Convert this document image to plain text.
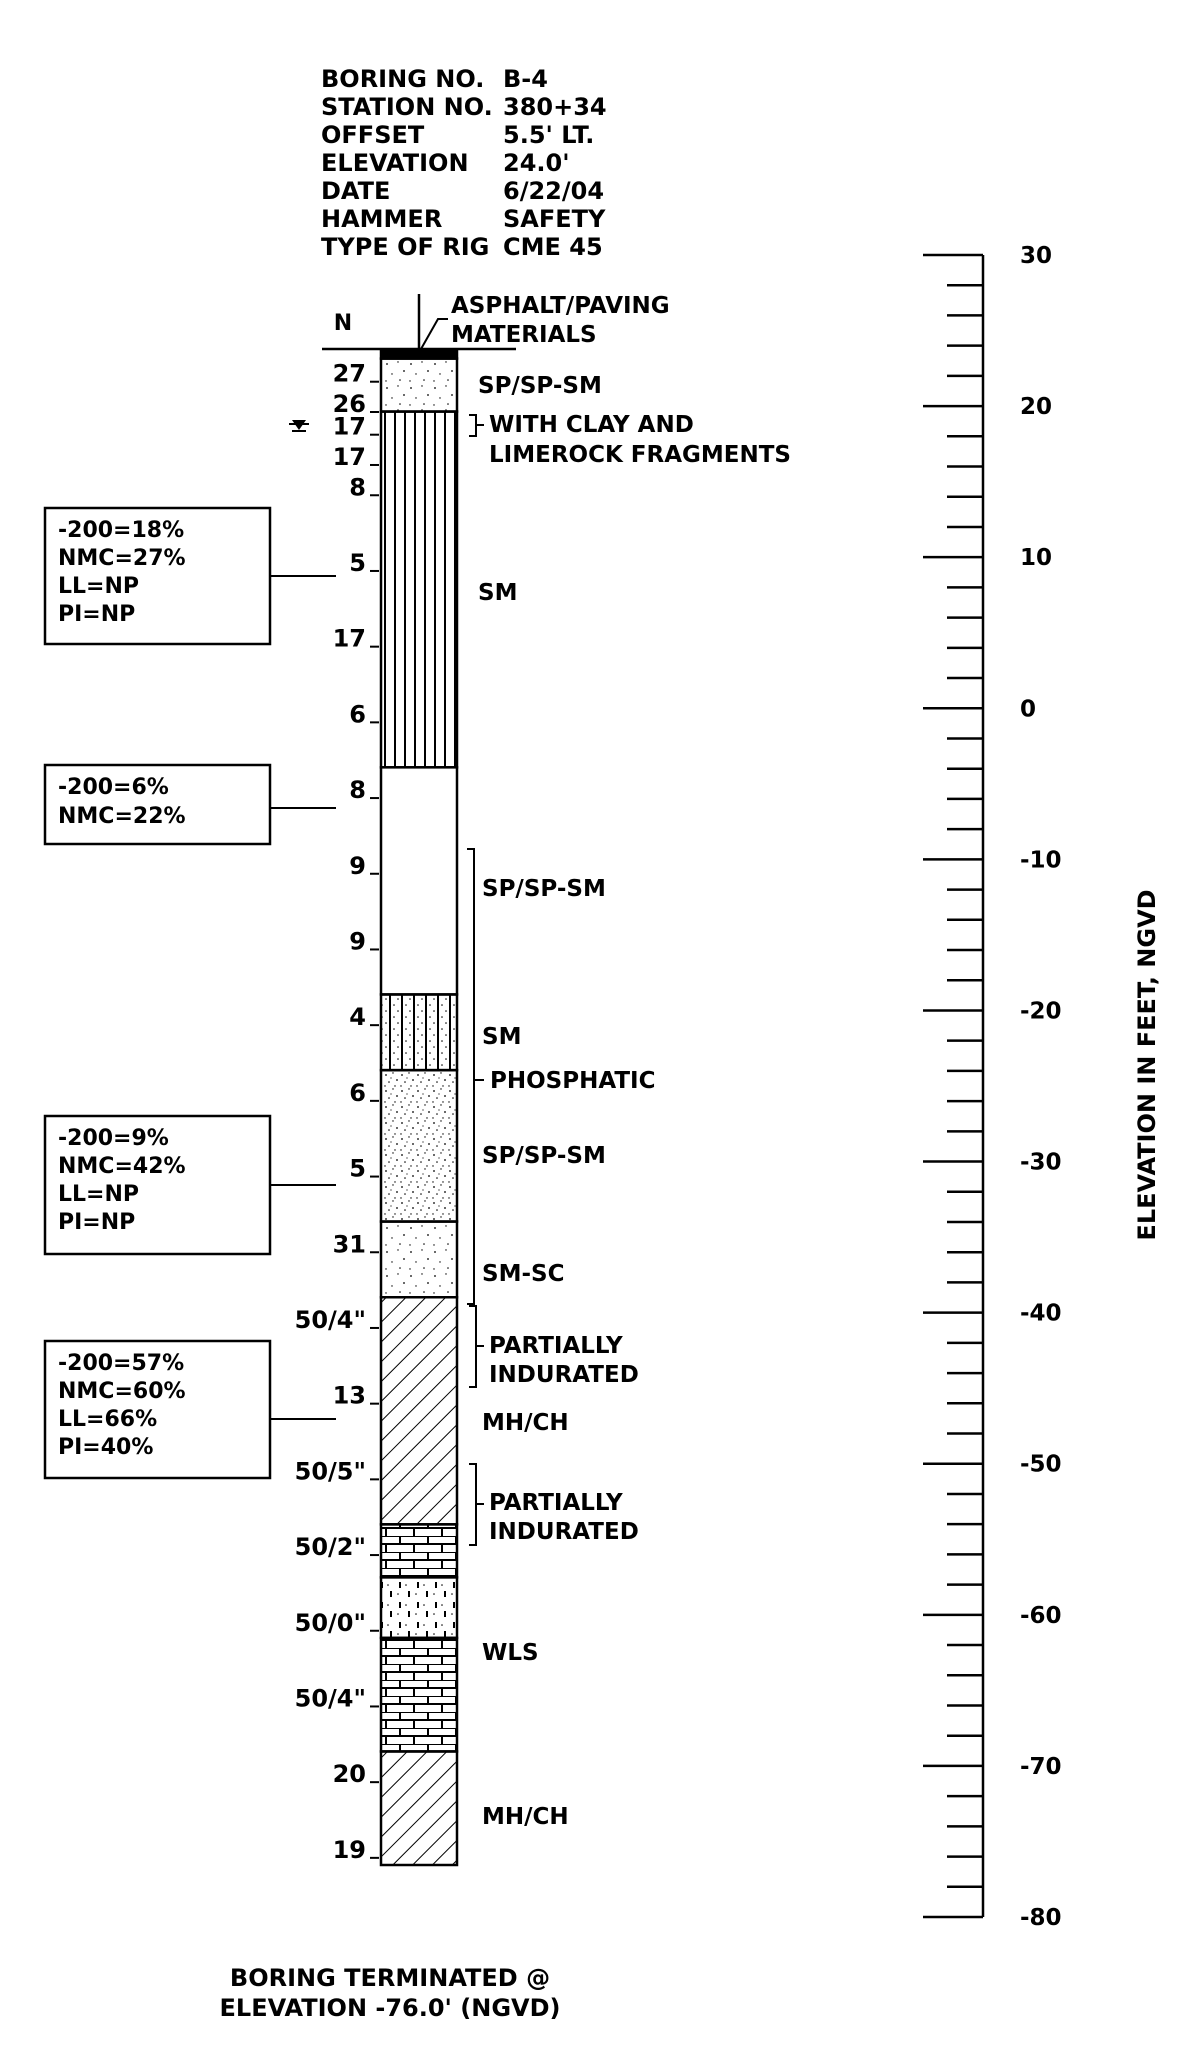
BORING NO. B-4
STATION NO. 380+34
OFFSET	5.5' LT.
ELEVATION 24.0'
DATE	6/22/04
HAMMER	SAFETY
TYPE OF RIG CME 45
N
27
26
17
17
8
5
17
6
8
9
9
4
6
5
31
50/4"
13
50/5"
50/2"
50/0"
50/4"
20
19
ASPHALT/PAVING
MATERIALS
SP/SP-SM
WITH CLAY AND
LIMEROCK FRAGMENTS
SM
SP/SP-SM
SM
PHOSPHATIC
SP/SP-SM
SM-SC
PARTIALLY
INDURATED
MH/CH
PARTIALLY
INDURATED
WLS
MH/CH
-200=18%
NMC=27%
LL=NP
PI=NP
-200=6%
NMC=22%
-200=9%
NMC=42%
LL=NP
PI=NP
-200=57%
NMC=60%
LL=66%
PI=40%
30
20
10
0
-10
-20
-30
-40
-50
-60
-70
-80
ELEVATION IN FEET, NGVD
BORING TERMINATED @
ELEVATION -76.0' (NGVD)
